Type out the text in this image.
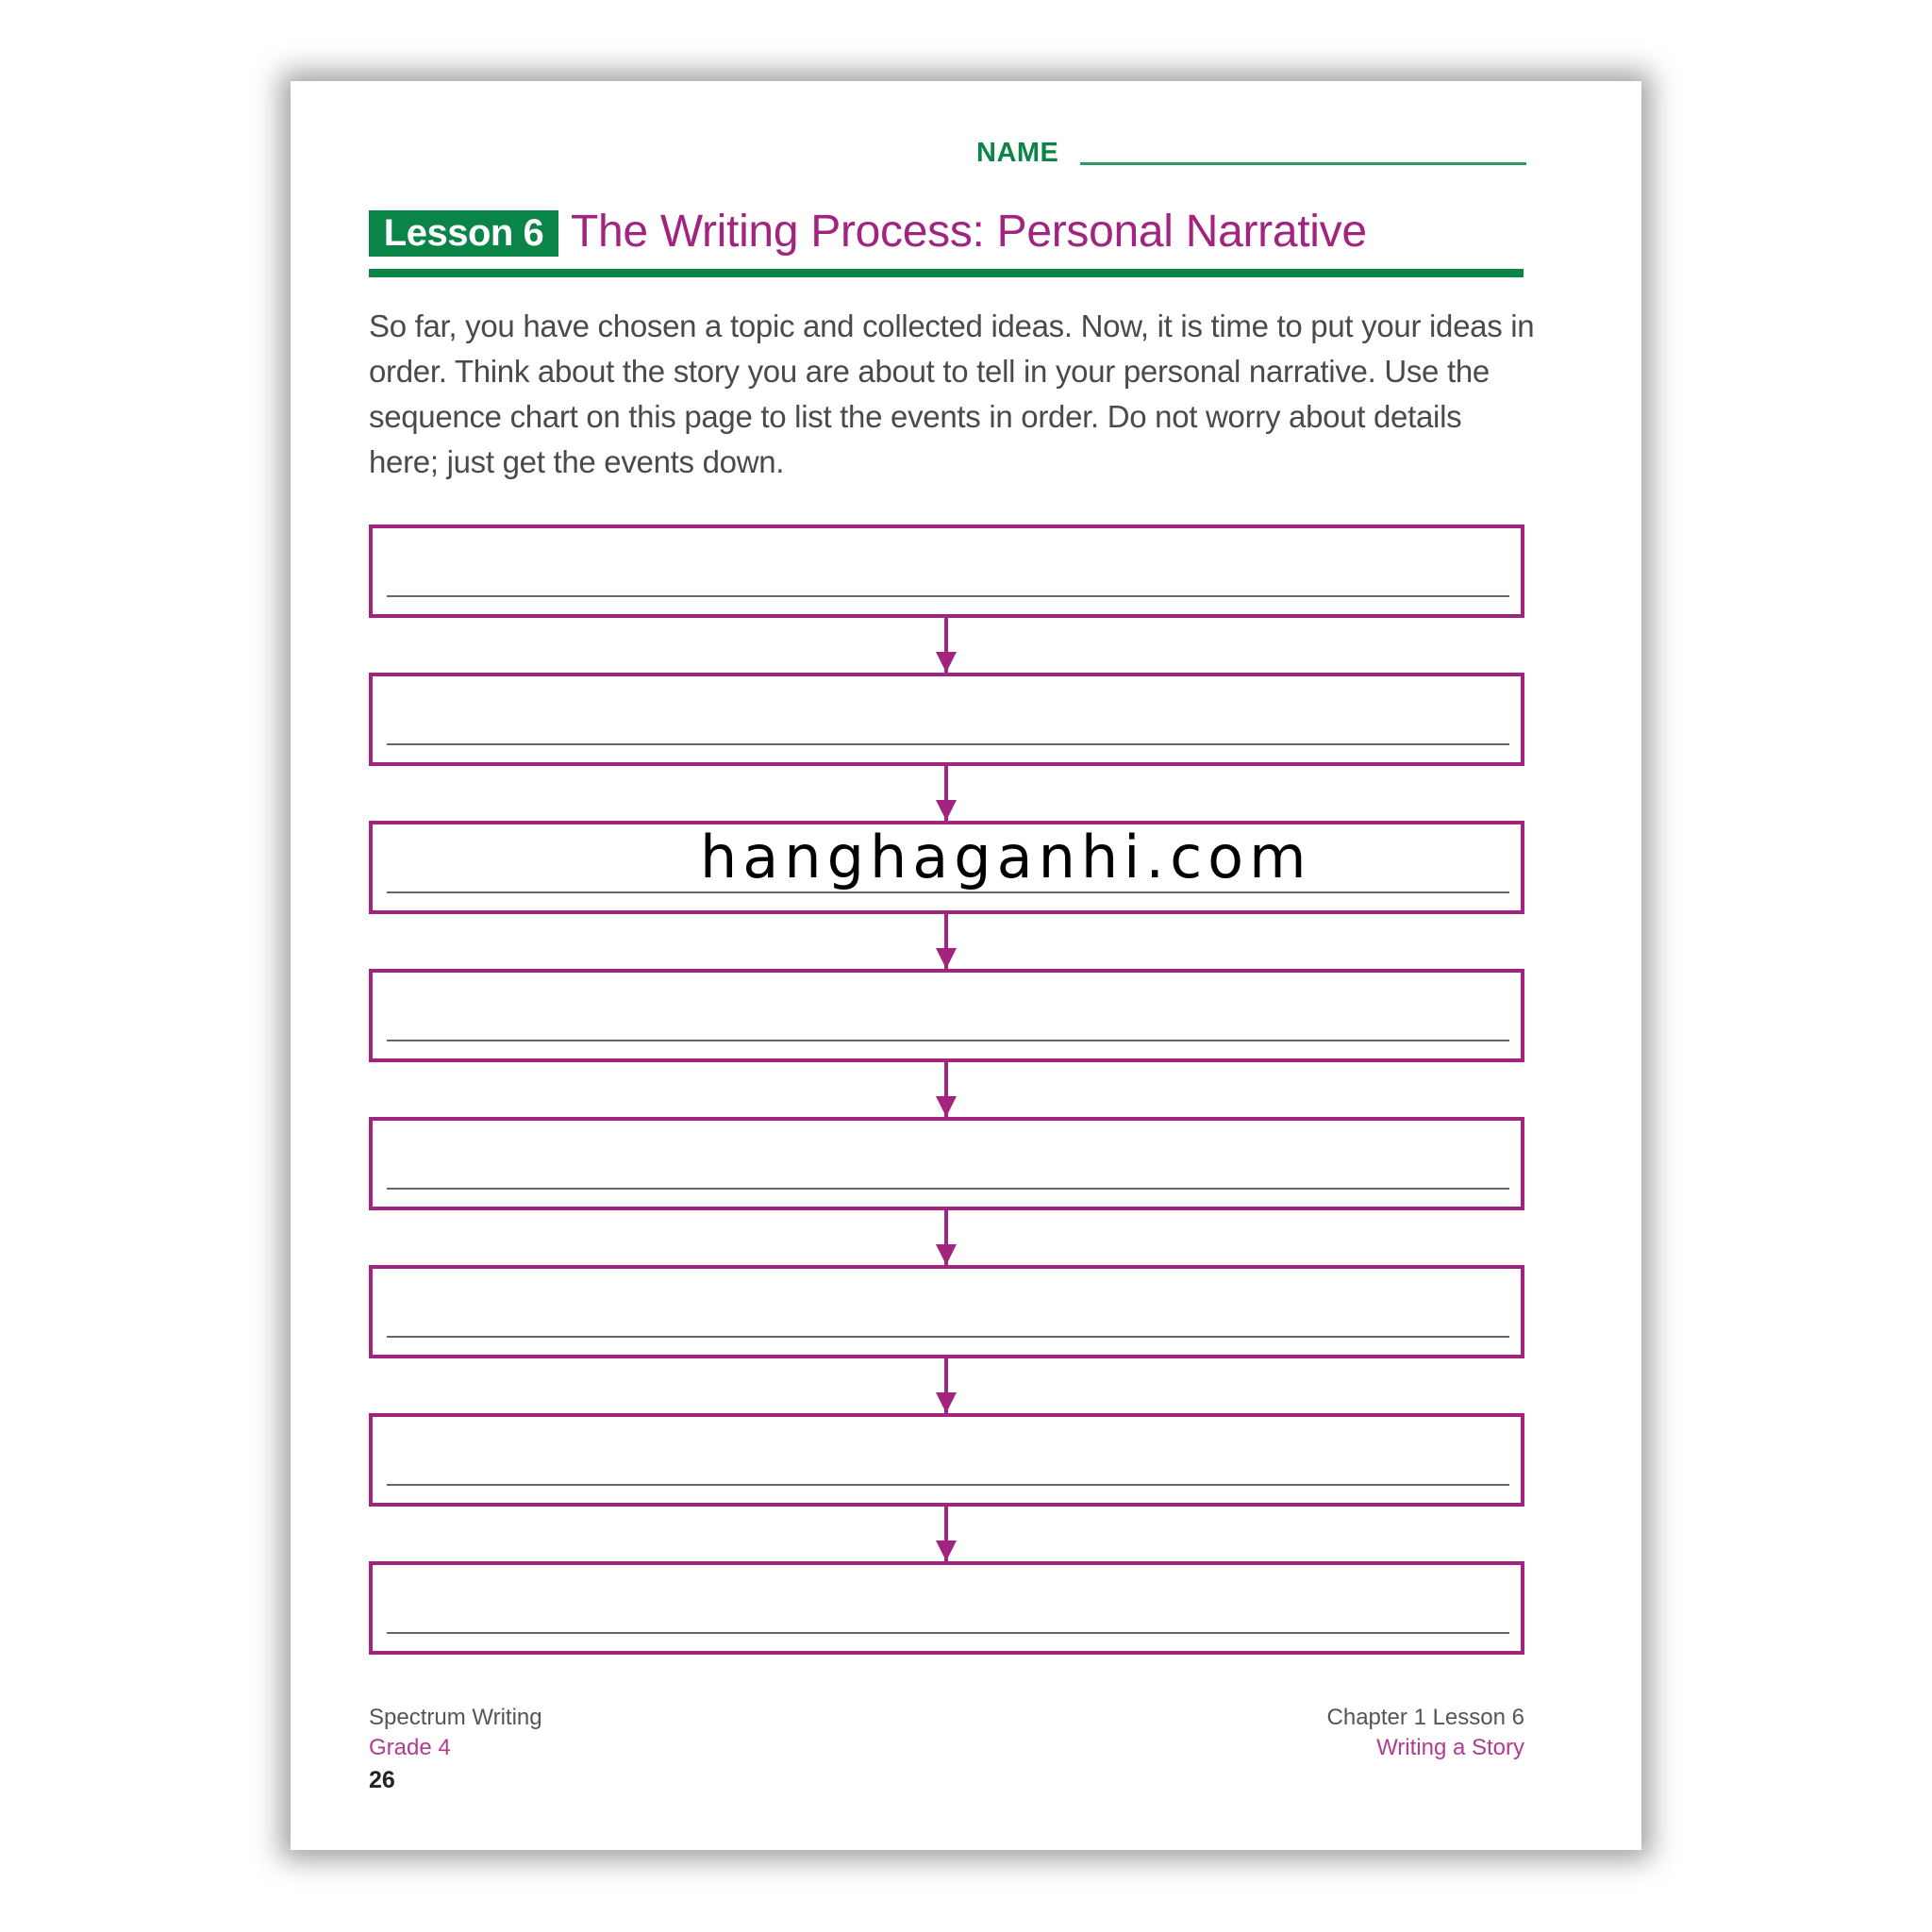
NAME
Lesson 6 The Writing Process: Personal Narrative
So far, you have chosen a topic and collected ideas. Now, it is time to put your ideas in order. Think about the story you are about to tell in your personal narrative. Use the sequence chart on this page to list the events in order. Do not worry about details here; just get the events down.
hanghaganhi.com
Spectrum Writing
Grade 4
26
Chapter 1 Lesson 6
Writing a Story
